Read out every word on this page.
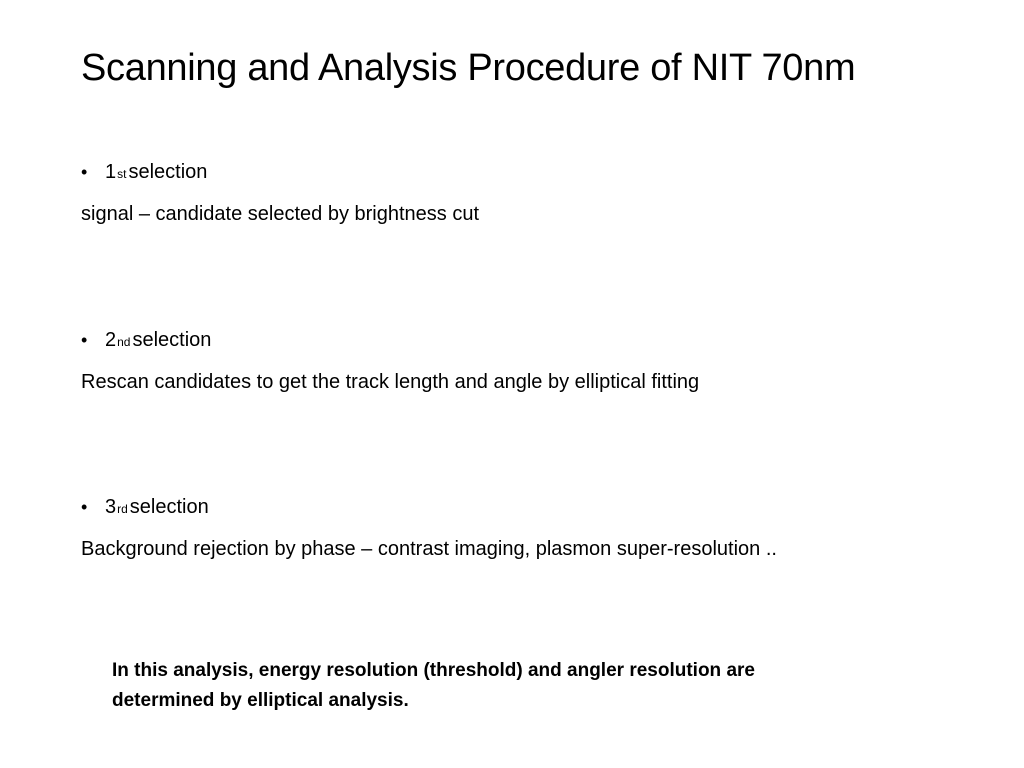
Scanning and Analysis Procedure of NIT 70nm
• 1 st selection
signal – candidate selected by brightness cut
• 2 nd selection
Rescan candidates to get the track length and angle by elliptical fitting
• 3 rd selection
Background rejection by phase – contrast imaging, plasmon super-resolution ..
In this analysis, energy resolution (threshold) and angler resolution are
determined by elliptical analysis.
